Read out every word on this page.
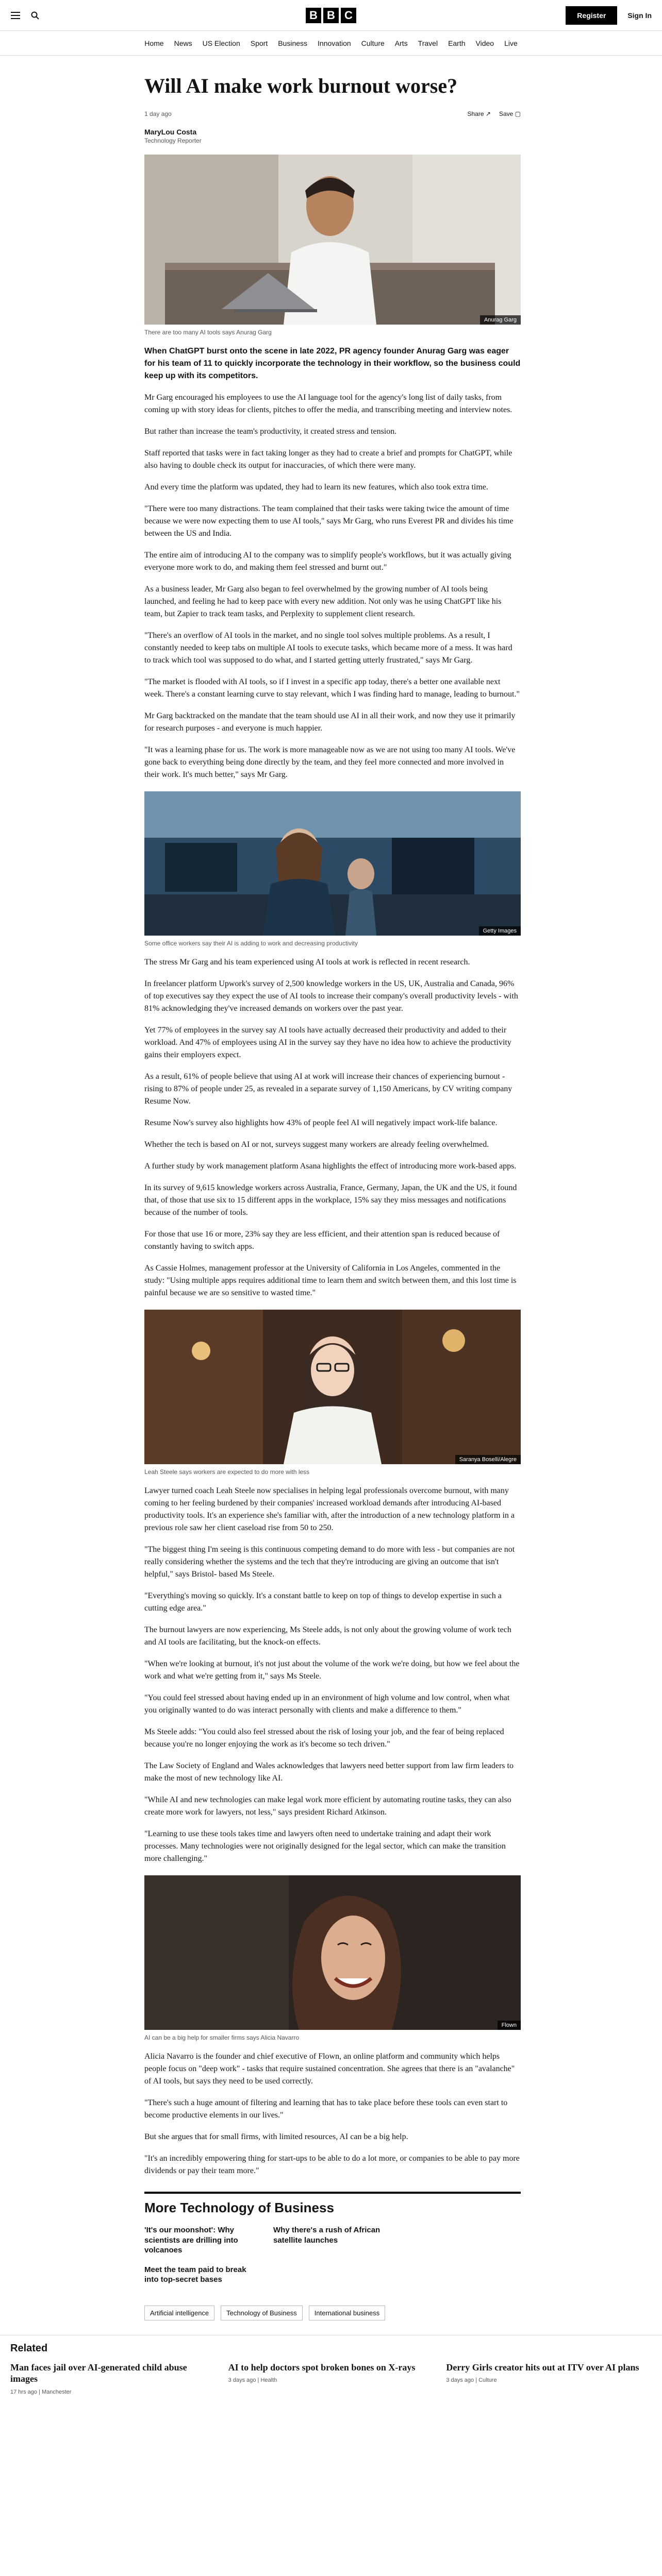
B B C	Register	Sign In
Home News US Election Sport Business Innovation Culture Arts Travel Earth Video Live
Will AI make work burnout worse?
1 day ago	Share ↗ Save ▢
MaryLou Costa
Technology Reporter
Anurag Garg
There are too many AI tools says Anurag Garg

When ChatGPT burst onto the scene in late 2022, PR agency founder Anurag Garg was eager for his team of 11 to quickly incorporate the technology in their workflow, so the business could keep up with its competitors.

Mr Garg encouraged his employees to use the AI language tool for the agency's long list of daily tasks, from coming up with story ideas for clients, pitches to offer the media, and transcribing meeting and interview notes.

But rather than increase the team's productivity, it created stress and tension.

Staff reported that tasks were in fact taking longer as they had to create a brief and prompts for ChatGPT, while also having to double check its output for inaccuracies, of which there were many.

And every time the platform was updated, they had to learn its new features, which also took extra time.

"There were too many distractions. The team complained that their tasks were taking twice the amount of time because we were now expecting them to use AI tools," says Mr Garg, who runs Everest PR and divides his time between the US and India.

The entire aim of introducing AI to the company was to simplify people's workflows, but it was actually giving everyone more work to do, and making them feel stressed and burnt out."

As a business leader, Mr Garg also began to feel overwhelmed by the growing number of AI tools being launched, and feeling he had to keep pace with every new addition. Not only was he using ChatGPT like his team, but Zapier to track team tasks, and Perplexity to supplement client research.

"There's an overflow of AI tools in the market, and no single tool solves multiple problems. As a result, I constantly needed to keep tabs on multiple AI tools to execute tasks, which became more of a mess. It was hard to track which tool was supposed to do what, and I started getting utterly frustrated," says Mr Garg.

"The market is flooded with AI tools, so if I invest in a specific app today, there's a better one available next week. There's a constant learning curve to stay relevant, which I was finding hard to manage, leading to burnout."

Mr Garg backtracked on the mandate that the team should use AI in all their work, and now they use it primarily for research purposes - and everyone is much happier.

"It was a learning phase for us. The work is more manageable now as we are not using too many AI tools. We've gone back to everything being done directly by the team, and they feel more connected and more involved in their work. It's much better," says Mr Garg.

Getty Images
Some office workers say their AI is adding to work and decreasing productivity

The stress Mr Garg and his team experienced using AI tools at work is reflected in recent research.

In freelancer platform Upwork's survey of 2,500 knowledge workers in the US, UK, Australia and Canada, 96% of top executives say they expect the use of AI tools to increase their company's overall productivity levels - with 81% acknowledging they've increased demands on workers over the past year.

Yet 77% of employees in the survey say AI tools have actually decreased their productivity and added to their workload. And 47% of employees using AI in the survey say they have no idea how to achieve the productivity gains their employers expect.

As a result, 61% of people believe that using AI at work will increase their chances of experiencing burnout - rising to 87% of people under 25, as revealed in a separate survey of 1,150 Americans, by CV writing company Resume Now.

Resume Now's survey also highlights how 43% of people feel AI will negatively impact work-life balance.

Whether the tech is based on AI or not, surveys suggest many workers are already feeling overwhelmed.

A further study by work management platform Asana highlights the effect of introducing more work-based apps.

In its survey of 9,615 knowledge workers across Australia, France, Germany, Japan, the UK and the US, it found that, of those that use six to 15 different apps in the workplace, 15% say they miss messages and notifications because of the number of tools.

For those that use 16 or more, 23% say they are less efficient, and their attention span is reduced because of constantly having to switch apps.

As Cassie Holmes, management professor at the University of California in Los Angeles, commented in the study: "Using multiple apps requires additional time to learn them and switch between them, and this lost time is painful because we are so sensitive to wasted time."

Saranya Boselli/Alegre
Leah Steele says workers are expected to do more with less

Lawyer turned coach Leah Steele now specialises in helping legal professionals overcome burnout, with many coming to her feeling burdened by their companies' increased workload demands after introducing AI-based productivity tools. It's an experience she's familiar with, after the introduction of a new technology platform in a previous role saw her client caseload rise from 50 to 250.

"The biggest thing I'm seeing is this continuous competing demand to do more with less - but companies are not really considering whether the systems and the tech that they're introducing are giving an outcome that isn't helpful," says Bristol- based Ms Steele.

"Everything's moving so quickly. It's a constant battle to keep on top of things to develop expertise in such a cutting edge area."

The burnout lawyers are now experiencing, Ms Steele adds, is not only about the growing volume of work tech and AI tools are facilitating, but the knock-on effects.

"When we're looking at burnout, it's not just about the volume of the work we're doing, but how we feel about the work and what we're getting from it," says Ms Steele.

"You could feel stressed about having ended up in an environment of high volume and low control, when what you originally wanted to do was interact personally with clients and make a difference to them."

Ms Steele adds: "You could also feel stressed about the risk of losing your job, and the fear of being replaced because you're no longer enjoying the work as it's become so tech driven."

The Law Society of England and Wales acknowledges that lawyers need better support from law firm leaders to make the most of new technology like AI.

"While AI and new technologies can make legal work more efficient by automating routine tasks, they can also create more work for lawyers, not less," says president Richard Atkinson.

"Learning to use these tools takes time and lawyers often need to undertake training and adapt their work processes. Many technologies were not originally designed for the legal sector, which can make the transition more challenging."

Flown
AI can be a big help for smaller firms says Alicia Navarro

Alicia Navarro is the founder and chief executive of Flown, an online platform and community which helps people focus on "deep work" - tasks that require sustained concentration. She agrees that there is an "avalanche" of AI tools, but says they need to be used correctly.

"There's such a huge amount of filtering and learning that has to take place before these tools can even start to become productive elements in our lives."

But she argues that for small firms, with limited resources, AI can be a big help.

"It's an incredibly empowering thing for start-ups to be able to do a lot more, or companies to be able to pay more dividends or pay their team more."

More Technology of Business
'It's our moonshot': Why scientists are drilling into volcanoes
Why there's a rush of African satellite launches
Meet the team paid to break into top-secret bases
Artificial intelligence	Technology of Business	International business
Related
Man faces jail over AI-generated child abuse images
17 hrs ago | Manchester
AI to help doctors spot broken bones on X-rays
3 days ago | Health
Derry Girls creator hits out at ITV over AI plans
3 days ago | Culture
